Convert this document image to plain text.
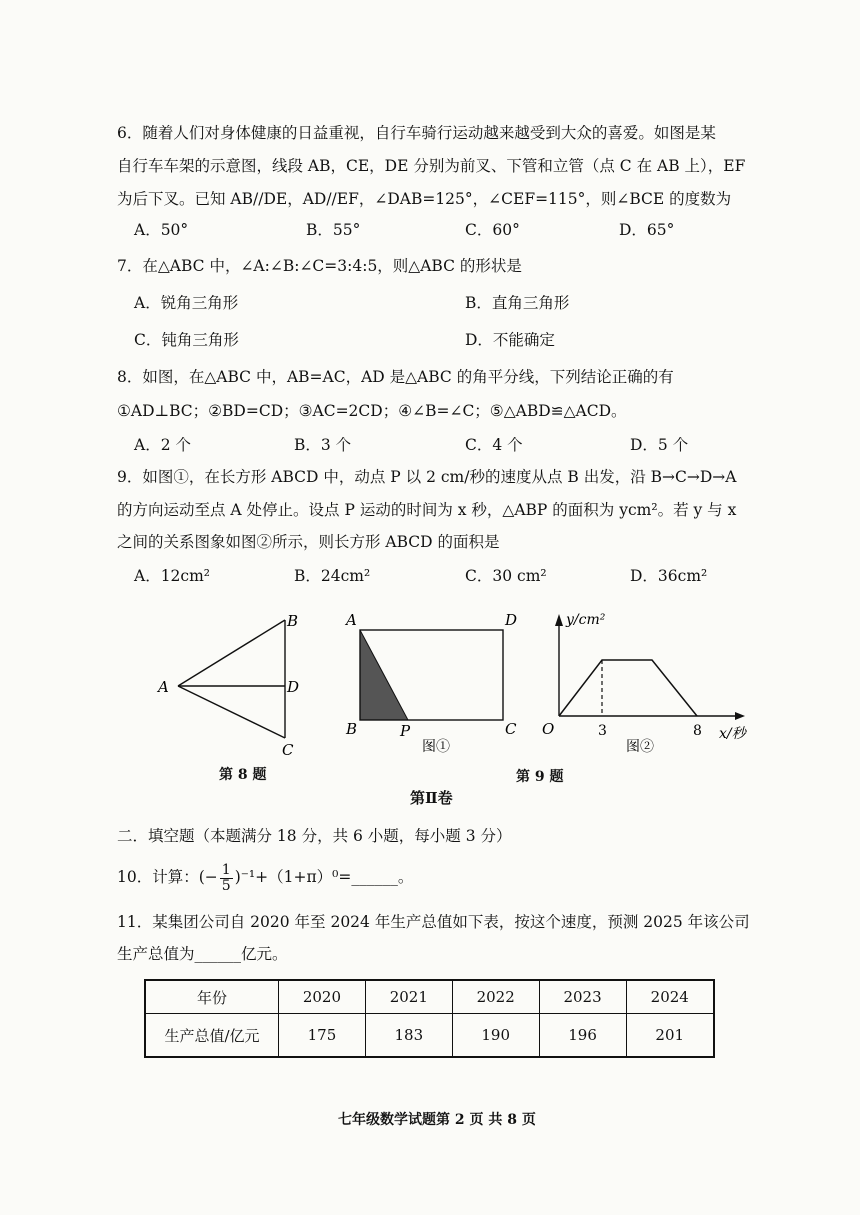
6．随着人们对身体健康的日益重视，自行车骑行运动越来越受到大众的喜爱。如图是某
自行车车架的示意图，线段 AB，CE，DE 分别为前叉、下管和立管（点 C 在 AB 上），EF
为后下叉。已知 AB//DE，AD//EF，∠DAB=125°，∠CEF=115°，则∠BCE 的度数为
A．50°	B．55°	C．60°	D．65°
7．在△ABC 中，∠A:∠B:∠C=3:4:5，则△ABC 的形状是
A．锐角三角形	B．直角三角形
C．钝角三角形	D．不能确定
8．如图，在△ABC 中，AB=AC，AD 是△ABC 的角平分线，下列结论正确的有
①AD⊥BC；②BD=CD；③AC=2CD；④∠B=∠C；⑤△ABD≌△ACD。
A．2 个	B．3 个	C．4 个	D．5 个
9．如图①，在长方形 ABCD 中，动点 P 以 2 cm/秒的速度从点 B 出发，沿 B→C→D→A
的方向运动至点 A 处停止。设点 P 运动的时间为 x 秒，△ABP 的面积为 ycm²。若 y 与 x
之间的关系图象如图②所示，则长方形 ABCD 的面积是
A．12cm²	B．24cm²	C．30 cm²	D．36cm²
A
B
D
C
第 8 题
A	D
B	P	C
图①
y/cm²
O	3	8 x/秒
图②
第 9 题
第Ⅱ卷
二．填空题（本题满分 18 分，共 6 小题，每小题 3 分）
10．计算：(− $\frac{1}{5}$ )⁻¹+（1+π）⁰=______。
11．某集团公司自 2020 年至 2024 年生产总值如下表，按这个速度，预测 2025 年该公司
生产总值为______亿元。
年份	2020	2021	2022	2023	2024
生产总值/亿元	175	183	190	196	201
七年级数学试题第 2 页 共 8 页
